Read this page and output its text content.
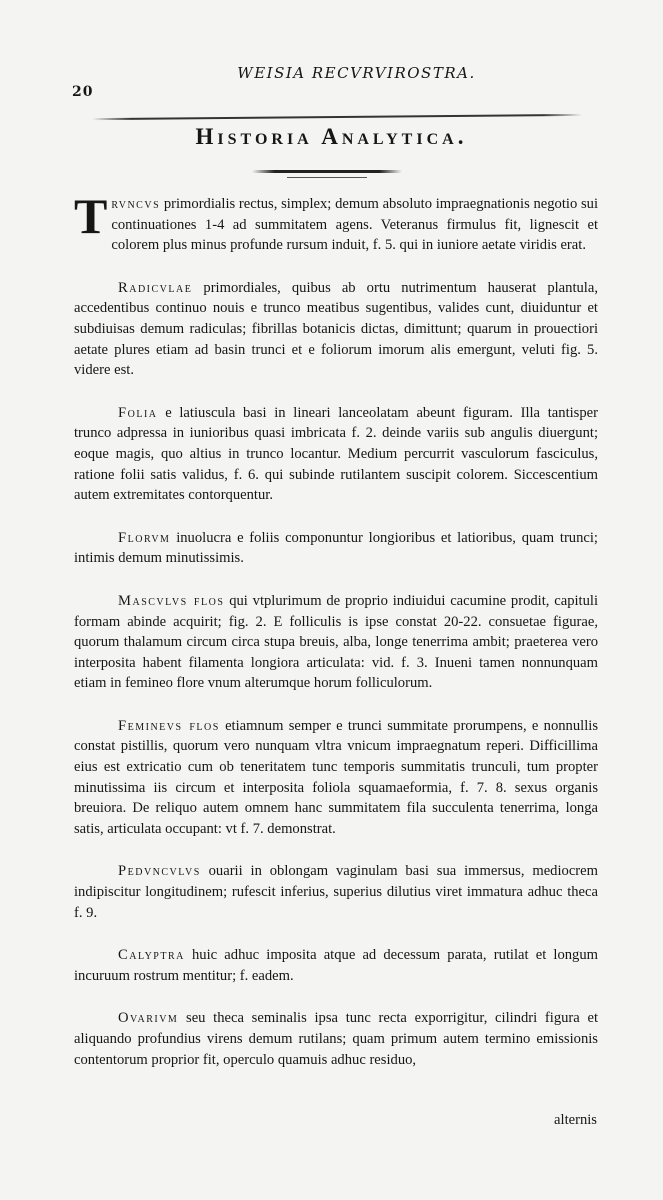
20
WEISIA RECVRVIROSTRA.
Historia Analytica.

Trvncvs primordialis rectus, simplex; demum absoluto impraegnationis negotio sui continuationes 1-4 ad summitatem agens. Veteranus firmulus fit, lignescit et colorem plus minus profunde rursum induit, f. 5. qui in iuniore aetate viridis erat.

Radicvlae primordiales, quibus ab ortu nutrimentum hauserat plantula, accedentibus continuo nouis e trunco meatibus sugentibus, valides cunt, diuiduntur et subdiuisas demum radiculas; fibrillas botanicis dictas, dimittunt; quarum in prouectiori aetate plures etiam ad basin trunci et e foliorum imorum alis emergunt, veluti fig. 5. videre est.

Folia e latiuscula basi in lineari lanceolatam abeunt figuram. Illa tantisper trunco adpressa in iunioribus quasi imbricata f. 2. deinde variis sub angulis diuergunt; eoque magis, quo altius in trunco locantur. Medium percurrit vasculorum fasciculus, ratione folii satis validus, f. 6. qui subinde rutilantem suscipit colorem. Siccescentium autem extremitates contorquentur.

Florvm inuolucra e foliis componuntur longioribus et latioribus, quam trunci; intimis demum minutissimis.

Mascvlvs flos qui vtplurimum de proprio indiuidui cacumine prodit, capituli formam abinde acquirit; fig. 2. E folliculis is ipse constat 20-22. consuetae figurae, quorum thalamum circum circa stupa breuis, alba, longe tenerrima ambit; praeterea vero interposita habent filamenta longiora articulata: vid. f. 3. Inueni tamen nonnunquam etiam in femineo flore vnum alterumque horum folliculorum.

Feminevs flos etiamnum semper e trunci summitate prorumpens, e nonnullis constat pistillis, quorum vero nunquam vltra vnicum impraegnatum reperi. Difficillima eius est extricatio cum ob teneritatem tunc temporis summitatis trunculi, tum propter minutissima iis circum et interposita foliola squamaeformia, f. 7. 8. sexus organis breuiora. De reliquo autem omnem hanc summitatem fila succulenta tenerrima, longa satis, articulata occupant: vt f. 7. demonstrat.

Pedvncvlvs ouarii in oblongam vaginulam basi sua immersus, mediocrem indipiscitur longitudinem; rufescit inferius, superius dilutius viret immatura adhuc theca f. 9.

Calyptra huic adhuc imposita atque ad decessum parata, rutilat et longum incuruum rostrum mentitur; f. eadem.

Ovarivm seu theca seminalis ipsa tunc recta exporrigitur, cilindri figura et aliquando profundius virens demum rutilans; quam primum autem termino emissionis contentorum proprior fit, operculo quamuis adhuc residuo,

alternis
